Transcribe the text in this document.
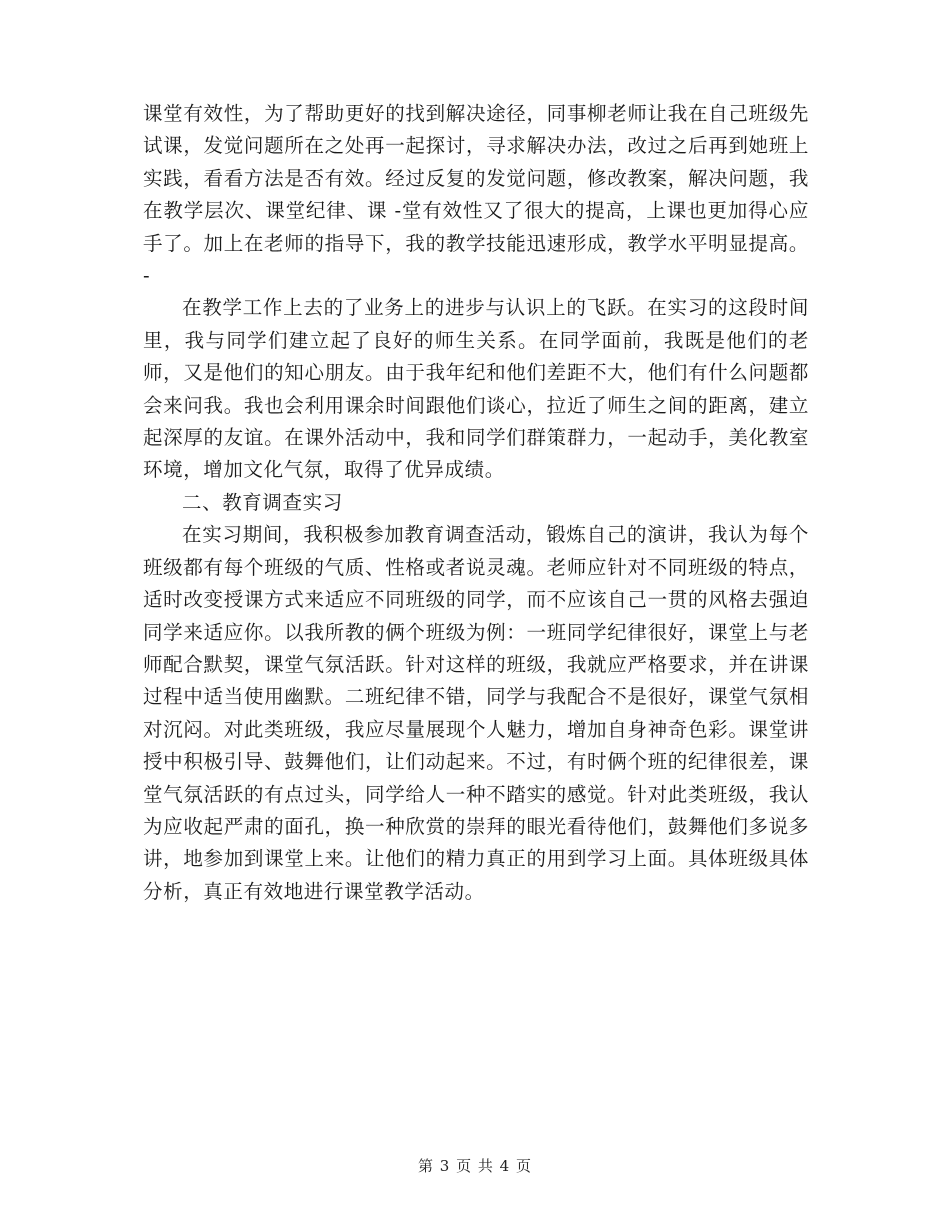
课堂有效性，为了帮助更好的找到解决途径，同事柳老师让我在自己班级先试课，发觉问题所在之处再一起探讨，寻求解决办法，改过之后再到她班上实践，看看方法是否有效。经过反复的发觉问题，修改教案，解决问题，我在教学层次、课堂纪律、课 -堂有效性又了很大的提高，上课也更加得心应手了。加上在老师的指导下，我的教学技能迅速形成，教学水平明显提高。 -

在教学工作上去的了业务上的进步与认识上的飞跃。在实习的这段时间里，我与同学们建立起了良好的师生关系。在同学面前，我既是他们的老师，又是他们的知心朋友。由于我年纪和他们差距不大，他们有什么问题都会来问我。我也会利用课余时间跟他们谈心，拉近了师生之间的距离，建立起深厚的友谊。在课外活动中，我和同学们群策群力，一起动手，美化教室环境，增加文化气氛，取得了优异成绩。

二、教育调查实习

在实习期间，我积极参加教育调查活动，锻炼自己的演讲，我认为每个班级都有每个班级的气质、性格或者说灵魂。老师应针对不同班级的特点，适时改变授课方式来适应不同班级的同学，而不应该自己一贯的风格去强迫同学来适应你。以我所教的俩个班级为例：一班同学纪律很好，课堂上与老师配合默契，课堂气氛活跃。针对这样的班级，我就应严格要求，并在讲课过程中适当使用幽默。二班纪律不错，同学与我配合不是很好，课堂气氛相对沉闷。对此类班级，我应尽量展现个人魅力，增加自身神奇色彩。课堂讲授中积极引导、鼓舞他们，让们动起来。不过，有时俩个班的纪律很差，课堂气氛活跃的有点过头，同学给人一种不踏实的感觉。针对此类班级，我认为应收起严肃的面孔，换一种欣赏的崇拜的眼光看待他们，鼓舞他们多说多讲，地参加到课堂上来。让他们的精力真正的用到学习上面。具体班级具体分析，真正有效地进行课堂教学活动。

第 3 页 共 4 页
